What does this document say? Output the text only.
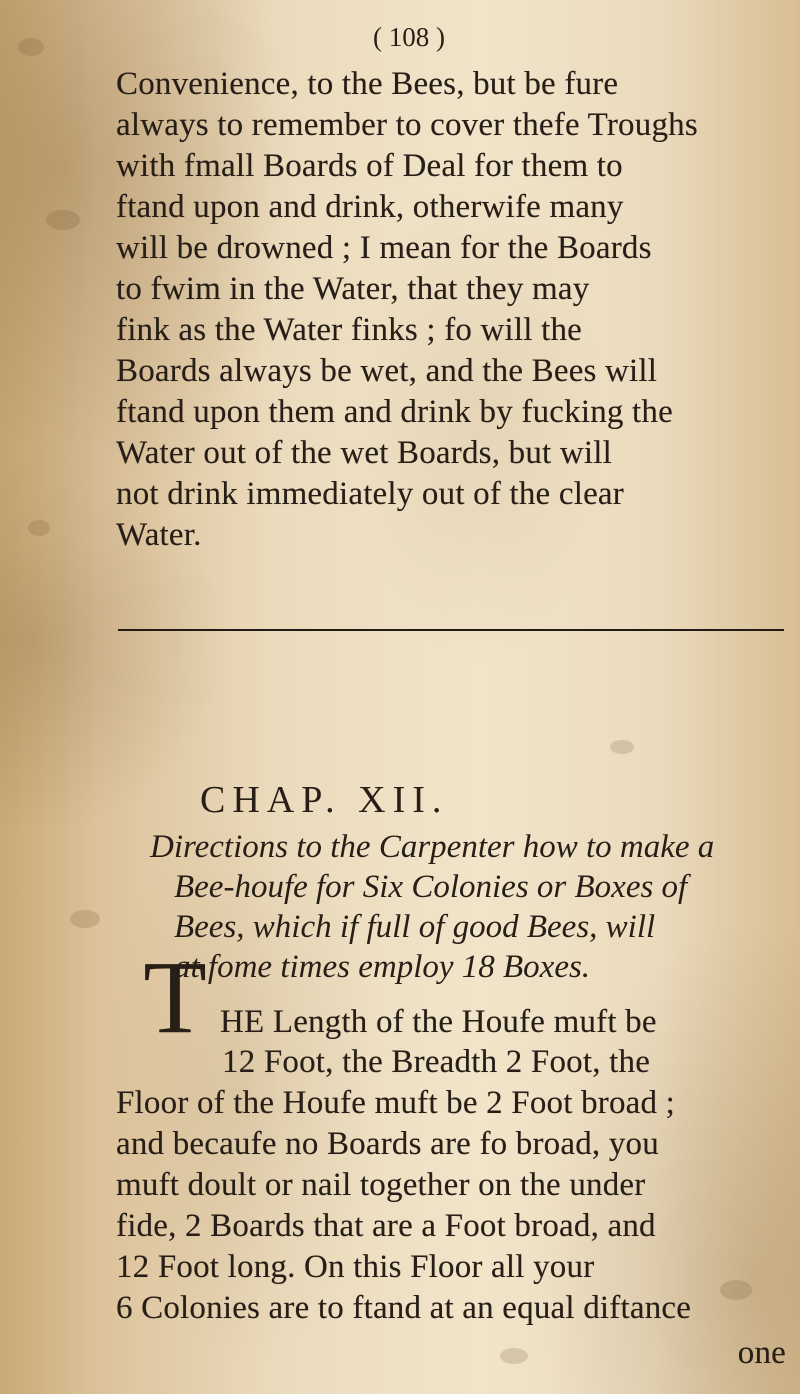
( 108 )

Convenience, to the Bees, but be fure

always to remember to cover thefe Troughs

with fmall Boards of Deal for them to

ftand upon and drink, otherwife many

will be drowned ; I mean for the Boards

to fwim in the Water, that they may

fink as the Water finks ; fo will the

Boards always be wet, and the Bees will

ftand upon them and drink by fucking the

Water out of the wet Boards, but will

not drink immediately out of the clear

Water.

CHAP. XII.

Directions to the Carpenter how to make a

Bee-houfe for Six Colonies or Boxes of

Bees, which if full of good Bees, will

at fome times employ 18 Boxes.

T HE Length of the Houfe muft be

12 Foot, the Breadth 2 Foot, the

Floor of the Houfe muft be 2 Foot broad ;

and becaufe no Boards are fo broad, you

muft doult or nail together on the under

fide, 2 Boards that are a Foot broad, and

12 Foot long. On this Floor all your

6 Colonies are to ftand at an equal diftance

one
